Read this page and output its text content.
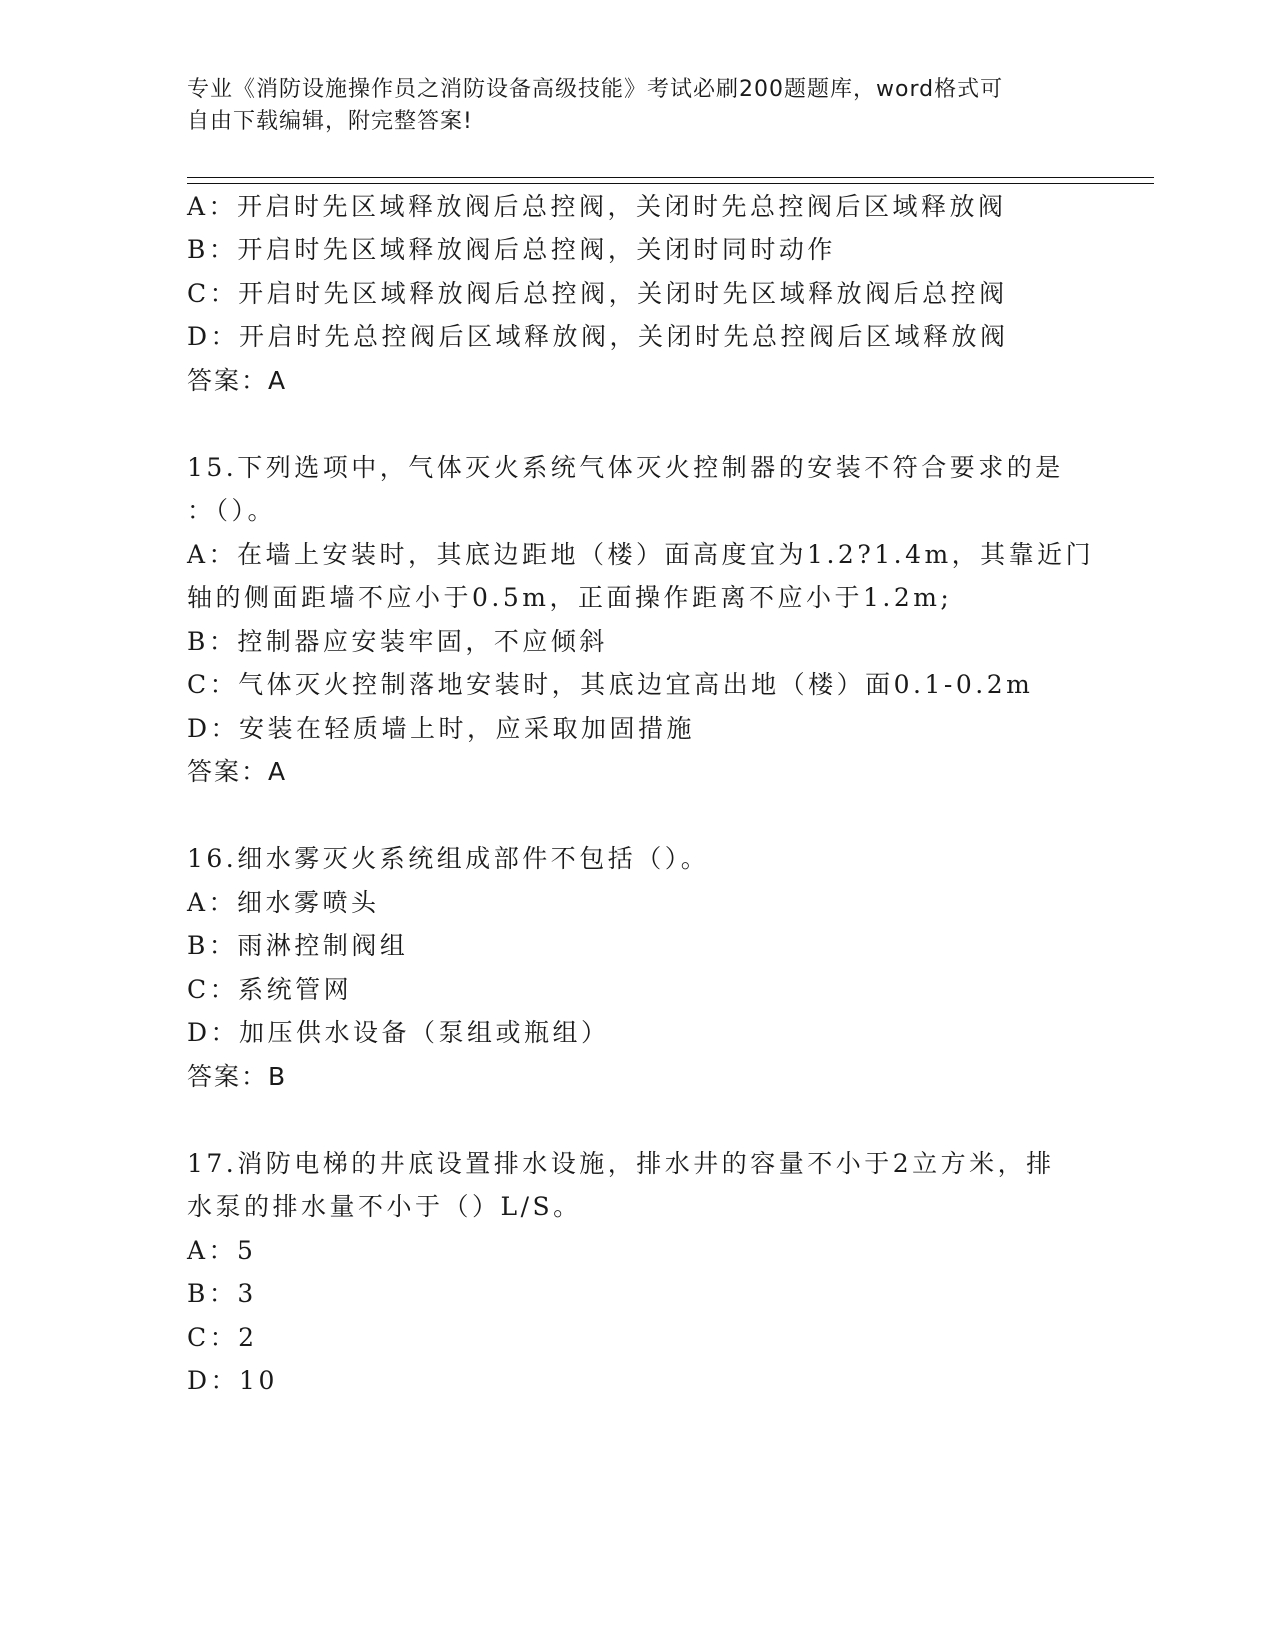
专业《消防设施操作员之消防设备高级技能》考试必刷200题题库，word格式可
自由下载编辑，附完整答案!
A：开启时先区域释放阀后总控阀，关闭时先总控阀后区域释放阀
B：开启时先区域释放阀后总控阀，关闭时同时动作
C：开启时先区域释放阀后总控阀，关闭时先区域释放阀后总控阀
D：开启时先总控阀后区域释放阀，关闭时先总控阀后区域释放阀
答案：A
15.下列选项中，气体灭火系统气体灭火控制器的安装不符合要求的是
：（）。
A：在墙上安装时，其底边距地（楼）面高度宜为1.2?1.4m，其靠近门
轴的侧面距墙不应小于0.5m，正面操作距离不应小于1.2m;
B：控制器应安装牢固，不应倾斜
C：气体灭火控制落地安装时，其底边宜高出地（楼）面0.1-0.2m
D：安装在轻质墙上时，应采取加固措施
答案：A
16.细水雾灭火系统组成部件不包括（）。
A：细水雾喷头
B：雨淋控制阀组
C：系统管网
D：加压供水设备（泵组或瓶组）
答案：B
17.消防电梯的井底设置排水设施，排水井的容量不小于2立方米，排
水泵的排水量不小于（）L/S。
A：5
B：3
C：2
D：10
